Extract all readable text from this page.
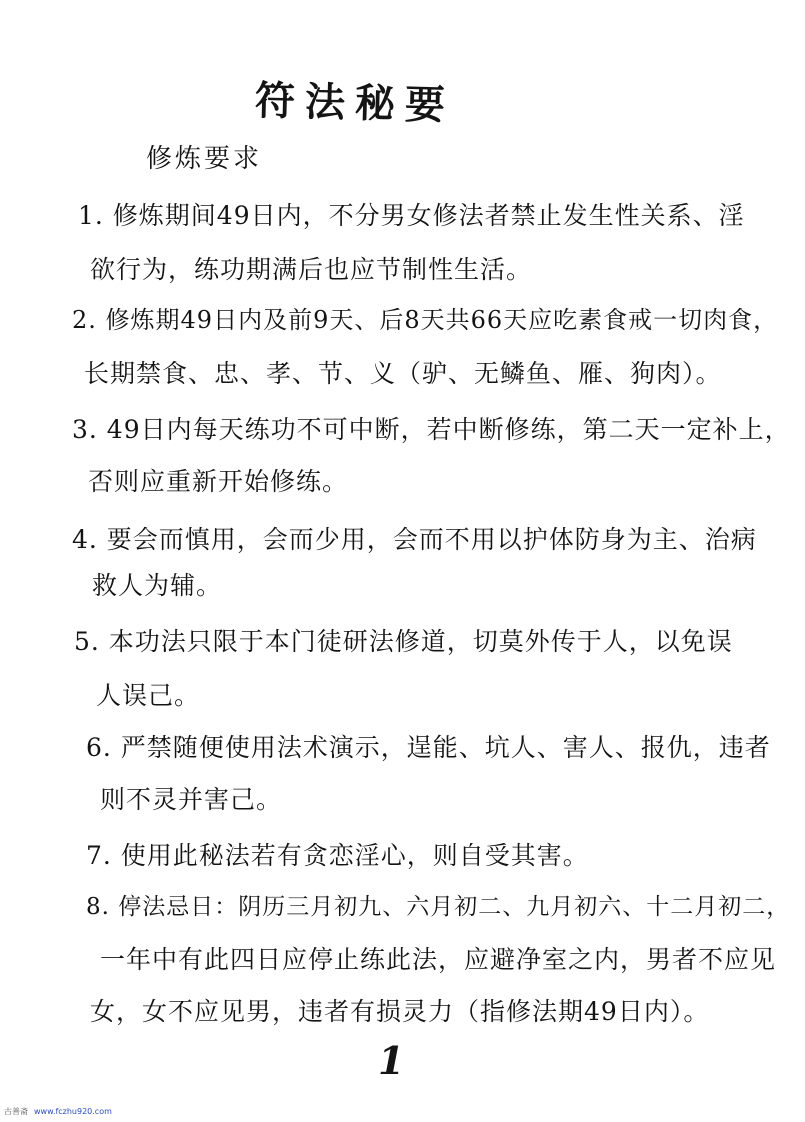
符法秘要
修炼要求
1. 修炼期间49日内，不分男女修法者禁止发生性关系、淫
欲行为，练功期满后也应节制性生活。
2. 修炼期49日内及前9天、后8天共66天应吃素食戒一切肉食，
长期禁食、忠、孝、节、义（驴、无鳞鱼、雁、狗肉）。
3. 49日内每天练功不可中断，若中断修练，第二天一定补上，
否则应重新开始修练。
4. 要会而慎用，会而少用，会而不用以护体防身为主、治病
救人为辅。
5. 本功法只限于本门徒研法修道，切莫外传于人，以免误
人误己。
6. 严禁随便使用法术演示，逞能、坑人、害人、报仇，违者
则不灵并害己。
7. 使用此秘法若有贪恋淫心，则自受其害。
8. 停法忌日：阴历三月初九、六月初二、九月初六、十二月初二，
一年中有此四日应停止练此法，应避净室之内，男者不应见
女，女不应见男，违者有损灵力（指修法期49日内）。
1
古善斋 www.fczhu920.com
